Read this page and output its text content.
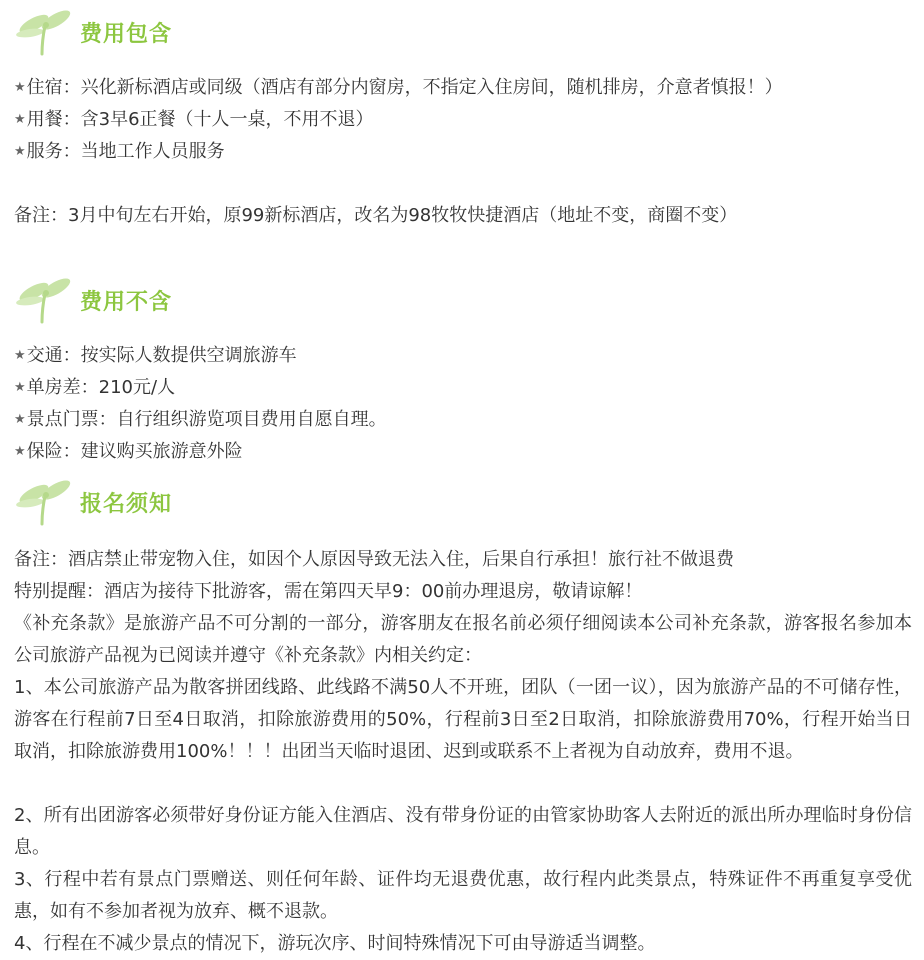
费用包含
★住宿：兴化新标酒店或同级（酒店有部分内窗房，不指定入住房间，随机排房，介意者慎报！）
★用餐：含3早6正餐（十人一桌，不用不退）
★服务：当地工作人员服务
备注：3月中旬左右开始，原99新标酒店，改名为98牧牧快捷酒店（地址不变，商圈不变）
费用不含
★交通：按实际人数提供空调旅游车
★单房差：210元/人
★景点门票：自行组织游览项目费用自愿自理。
★保险：建议购买旅游意外险
报名须知
备注：酒店禁止带宠物入住，如因个人原因导致无法入住，后果自行承担！旅行社不做退费
特别提醒：酒店为接待下批游客，需在第四天早9：00前办理退房，敬请谅解！
《补充条款》是旅游产品不可分割的一部分，游客朋友在报名前必须仔细阅读本公司补充条款，游客报名参加本公司旅游产品视为已阅读并遵守《补充条款》内相关约定：
1、本公司旅游产品为散客拼团线路、此线路不满50人不开班，团队（一团一议），因为旅游产品的不可储存性，游客在行程前7日至4日取消，扣除旅游费用的50%，行程前3日至2日取消，扣除旅游费用70%，行程开始当日取消，扣除旅游费用100%！！！出团当天临时退团、迟到或联系不上者视为自动放弃，费用不退。
2、所有出团游客必须带好身份证方能入住酒店、没有带身份证的由管家协助客人去附近的派出所办理临时身份信息。
3、行程中若有景点门票赠送、则任何年龄、证件均无退费优惠，故行程内此类景点，特殊证件不再重复享受优惠，如有不参加者视为放弃、概不退款。
4、行程在不减少景点的情况下，游玩次序、时间特殊情况下可由导游适当调整。
